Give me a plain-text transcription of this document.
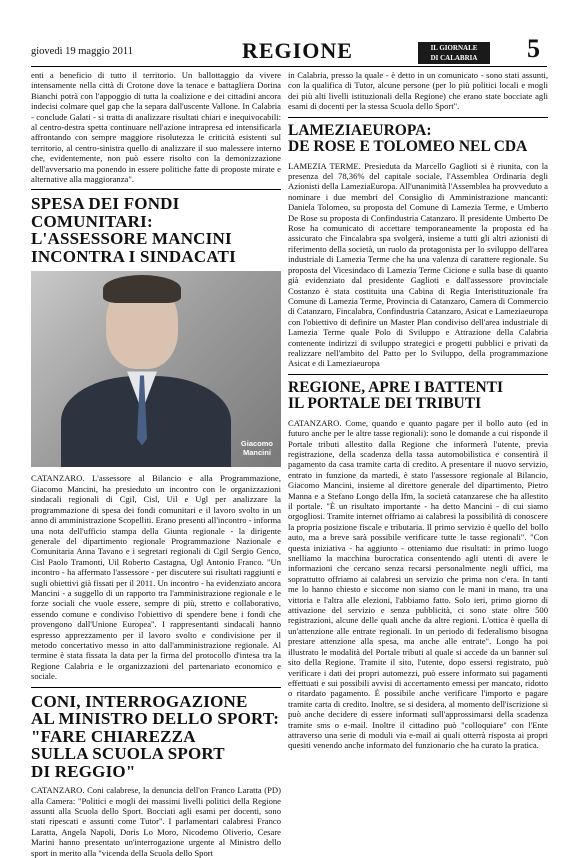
giovedì 19 maggio 2011	REGIONE	IL GIORNALE
DI CALABRIA	5

enti a beneficio di tutto il territorio. Un ballottaggio da vivere intensamente nella città di Crotone dove la tenace e battagliera Dorina Bianchi potrà con l'appoggio di tutta la coalizione e dei cittadini ancora indecisi colmare quel gap che la separa dall'uscente Vallone. In Calabria - conclude Galati - si tratta di analizzare risultati chiari e inequivocabili: al centro-destra spetta continuare nell'azione intrapresa ed intensificarla affrontando con sempre maggiore risolutezza le criticità esistenti sul territorio, al centro-sinistra quello di analizzare il suo malessere interno che, evidentemente, non può essere risolto con la demonizzazione dell'avversario ma ponendo in essere politiche fatte di proposte mirate e alternative alla maggioranza".

SPESA DEI FONDI COMUNITARI:

L'ASSESSORE MANCINI

INCONTRA I SINDACATI

Giacomo
Mancini

CATANZARO. L'assessore al Bilancio e alla Programmazione, Giacomo Mancini, ha presieduto un incontro con le organizzazioni sindacali regionali di Cgil, Cisl, Uil e Ugl per analizzare la programmazione di spesa dei fondi comunitari e il lavoro svolto in un anno di amministrazione Scopelliti. Erano presenti all'incontro - informa una nota dell'ufficio stampa della Giunta regionale - la dirigente generale del dipartimento regionale Programmazione Nazionale e Comunitaria Anna Tavano e i segretari regionali di Cgil Sergio Genco, Cisl Paolo Tramonti, Uil Roberto Castagna, Ugl Antonio Franco. "Un incontro - ha affermato l'assessore - per discutere sui risultati raggiunti e sugli obiettivi già fissati per il 2011. Un incontro - ha evidenziato ancora Mancini - a suggello di un rapporto tra l'amministrazione regionale e le forze sociali che vuole essere, sempre di più, stretto e collaborativo, essendo comune e condiviso l'obiettivo di spendere bene i fondi che provengono dall'Unione Europea". I rappresentanti sindacali hanno espresso apprezzamento per il lavoro svolto e condivisione per il metodo concertativo messo in atto dall'amministrazione regionale. Al termine è stata fissata la data per la firma del protocollo d'intesa tra la Regione Calabria e le organizzazioni del partenariato economico e sociale.

CONI, INTERROGAZIONE

AL MINISTRO DELLO SPORT:

"FARE CHIAREZZA

SULLA SCUOLA SPORT

DI REGGIO"

CATANZARO. Coni calabrese, la denuncia dell'on Franco Laratta (PD) alla Camera: "Politici e mogli dei massimi livelli politici della Regione assunti alla Scuola dello Sport. Bocciati agli esami per docenti, sono stati ripescati e assunti come Tutor". I parlamentari calabresi Franco Laratta, Angela Napoli, Doris Lo Moro, Nicodemo Oliverio, Cesare Marini hanno presentato un'interrogazione urgente al Ministro dello sport in merito alla "vicenda della Scuola dello Sport

in Calabria, presso la quale - è detto in un comunicato - sono stati assunti, con la qualifica di Tutor, alcune persone (per lo più politici locali e mogli dei più alti livelli istituzionali della Regione) che erano state bocciate agli esami di docenti per la stessa Scuola dello Sport".

LAMEZIAEUROPA:

DE ROSE E TOLOMEO NEL CDA

LAMEZIA TERME. Presieduta da Marcello Gaglioti si è riunita, con la presenza del 78,36% del capitale sociale, l'Assemblea Ordinaria degli Azionisti della LameziaEuropa. All'unanimità l'Assemblea ha provveduto a nominare i due membri del Consiglio di Amministrazione mancanti: Daniela Tolomeo, su proposta del Comune di Lamezia Terme, e Umberto De Rose su proposta di Confindustria Catanzaro. Il presidente Umberto De Rose ha comunicato di accettare temporaneamente la proposta ed ha assicurato che Fincalabra spa svolgerà, insieme a tutti gli altri azionisti di riferimento della società, un ruolo da protagonista per lo sviluppo dell'area industriale di Lamezia Terme che ha una valenza di carattere regionale. Su proposta del Vicesindaco di Lamezia Terme Cicione e sulla base di quanto già evidenziato dal presidente Gaglioti e dall'assessore provinciale Costanzo è stata costituita una Cabina di Regia Interistituzionale fra Comune di Lamezia Terme, Provincia di Catanzaro, Camera di Commercio di Catanzaro, Fincalabra, Confindustria Catanzaro, Asicat e Lameziaeuropa con l'obiettivo di definire un Master Plan condiviso dell'area industriale di Lamezia Terme quale Polo di Sviluppo e Attrazione della Calabria contenente indirizzi di sviluppo strategici e progetti pubblici e privati da realizzare nell'ambito del Patto per lo Sviluppo, della programmazione Asicat e di Lameziaeuropa

REGIONE, APRE I BATTENTI

IL PORTALE DEI TRIBUTI

CATANZARO. Come, quando e quanto pagare per il bollo auto (ed in futuro anche per le altre tasse regionali): sono le domande a cui risponde il Portale tributi allestito dalla Regione che informerà l'utente, previa registrazione, della scadenza della tassa automobilistica e consentirà il pagamento da casa tramite carta di credito. A presentare il nuovo servizio, entrato in funzione da martedì, è stato l'assessore regionale al Bilancio, Giacomo Mancini, insieme al direttore generale del dipartimento, Pietro Manna e a Stefano Longo della Ifm, la società catanzarese che ha allestito il portale. "È un risultato importante - ha detto Mancini - di cui siamo orgogliosi. Tramite internet offriamo ai calabresi la possibilità di conoscere la propria posizione fiscale e tributaria. Il primo servizio è quello del bollo auto, ma a breve sarà possibile verificare tutte le tasse regionali". "Con questa iniziativa - ha aggiunto - otteniamo due risultati: in primo luogo snelliamo la macchina burocratica consentendo agli utenti di avere le informazioni che cercano senza recarsi personalmente negli uffici, ma soprattutto offriamo ai calabresi un servizio che prima non c'era. In tanti me lo hanno chiesto e siccome non siamo con le mani in mano, tra una vittoria e l'altra alle elezioni, l'abbiamo fatto. Solo ieri, primo giorno di attivazione del servizio e senza pubblicità, ci sono state oltre 500 registrazioni, alcune delle quali anche da altre regioni. L'ottica è quella di un'attenzione alle entrate regionali. In un periodo di federalismo bisogna prestare attenzione alla spesa, ma anche alle entrate". Longo ha poi illustrato le modalità del Portale tributi al quale si accede da un banner sul sito della Regione. Tramite il sito, l'utente, dopo essersi registrato, può verificare i dati dei propri automezzi, può essere informato sui pagamenti effettuati e sui possibili avvisi di accertamento emessi per mancato, ridotto o ritardato pagamento. È possibile anche verificare l'importo e pagare tramite carta di credito. Inoltre, se si desidera, al momento dell'iscrizione si può anche decidere di essere informati sull'approssimarsi della scadenza tramite sms o e-mail. Inoltre il cittadino può "colloquiare" con l'Ente attraverso una serie di moduli via e-mail ai quali otterrà risposta ai propri quesiti venendo anche informato del funzionario che ha curato la pratica.
